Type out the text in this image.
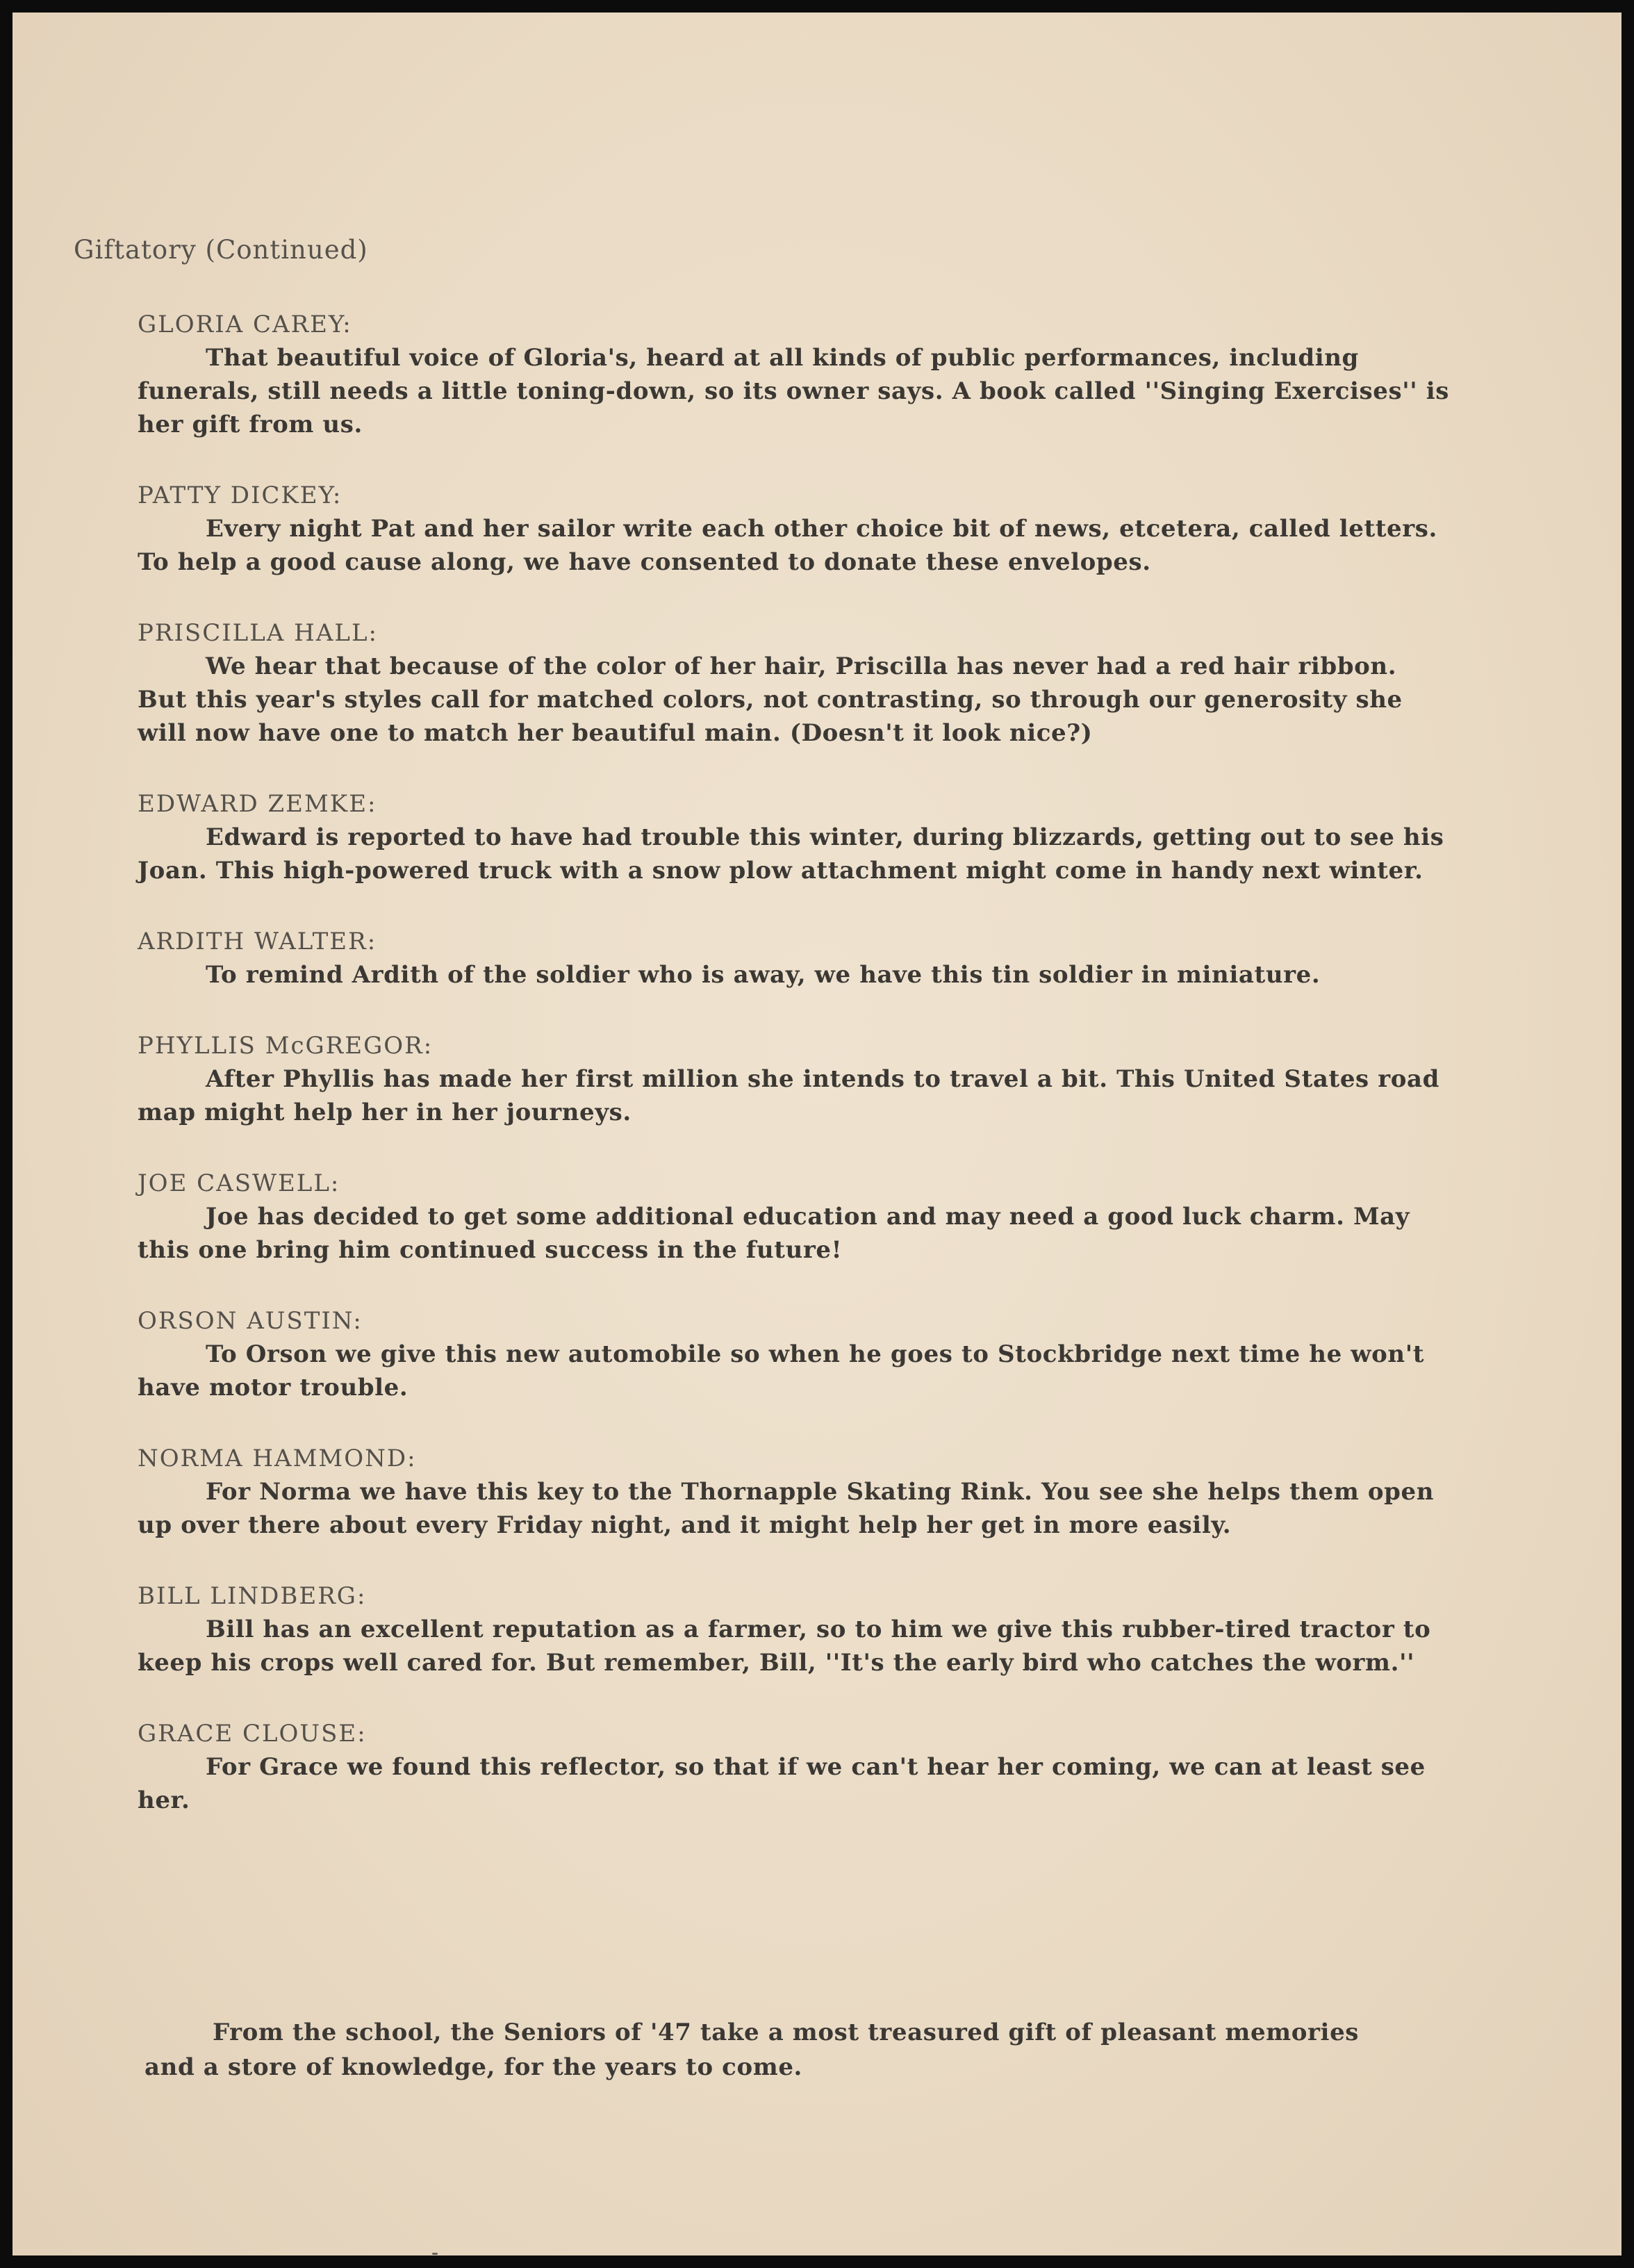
Giftatory (Continued)

GLORIA CAREY:

That beautiful voice of Gloria's, heard at all kinds of public performances, including funerals, still needs a little toning-down, so its owner says. A book called ''Singing Exercises'' is her gift from us.

PATTY DICKEY:

Every night Pat and her sailor write each other choice bit of news, etcetera, called letters. To help a good cause along, we have consented to donate these envelopes.

PRISCILLA HALL:

We hear that because of the color of her hair, Priscilla has never had a red hair ribbon. But this year's styles call for matched colors, not contrasting, so through our generosity she will now have one to match her beautiful main. (Doesn't it look nice?)

EDWARD ZEMKE:

Edward is reported to have had trouble this winter, during blizzards, getting out to see his Joan. This high-powered truck with a snow plow attachment might come in handy next winter.

ARDITH WALTER:

To remind Ardith of the soldier who is away, we have this tin soldier in miniature.

PHYLLIS McGREGOR:

After Phyllis has made her first million she intends to travel a bit. This United States road map might help her in her journeys.

JOE CASWELL:

Joe has decided to get some additional education and may need a good luck charm. May this one bring him continued success in the future!

ORSON AUSTIN:

To Orson we give this new automobile so when he goes to Stockbridge next time he won't have motor trouble.

NORMA HAMMOND:

For Norma we have this key to the Thornapple Skating Rink. You see she helps them open up over there about every Friday night, and it might help her get in more easily.

BILL LINDBERG:

Bill has an excellent reputation as a farmer, so to him we give this rubber-tired tractor to keep his crops well cared for. But remember, Bill, ''It's the early bird who catches the worm.''

GRACE CLOUSE:

For Grace we found this reflector, so that if we can't hear her coming, we can at least see her.

From the school, the Seniors of '47 take a most treasured gift of pleasant memories and a store of knowledge, for the years to come.
